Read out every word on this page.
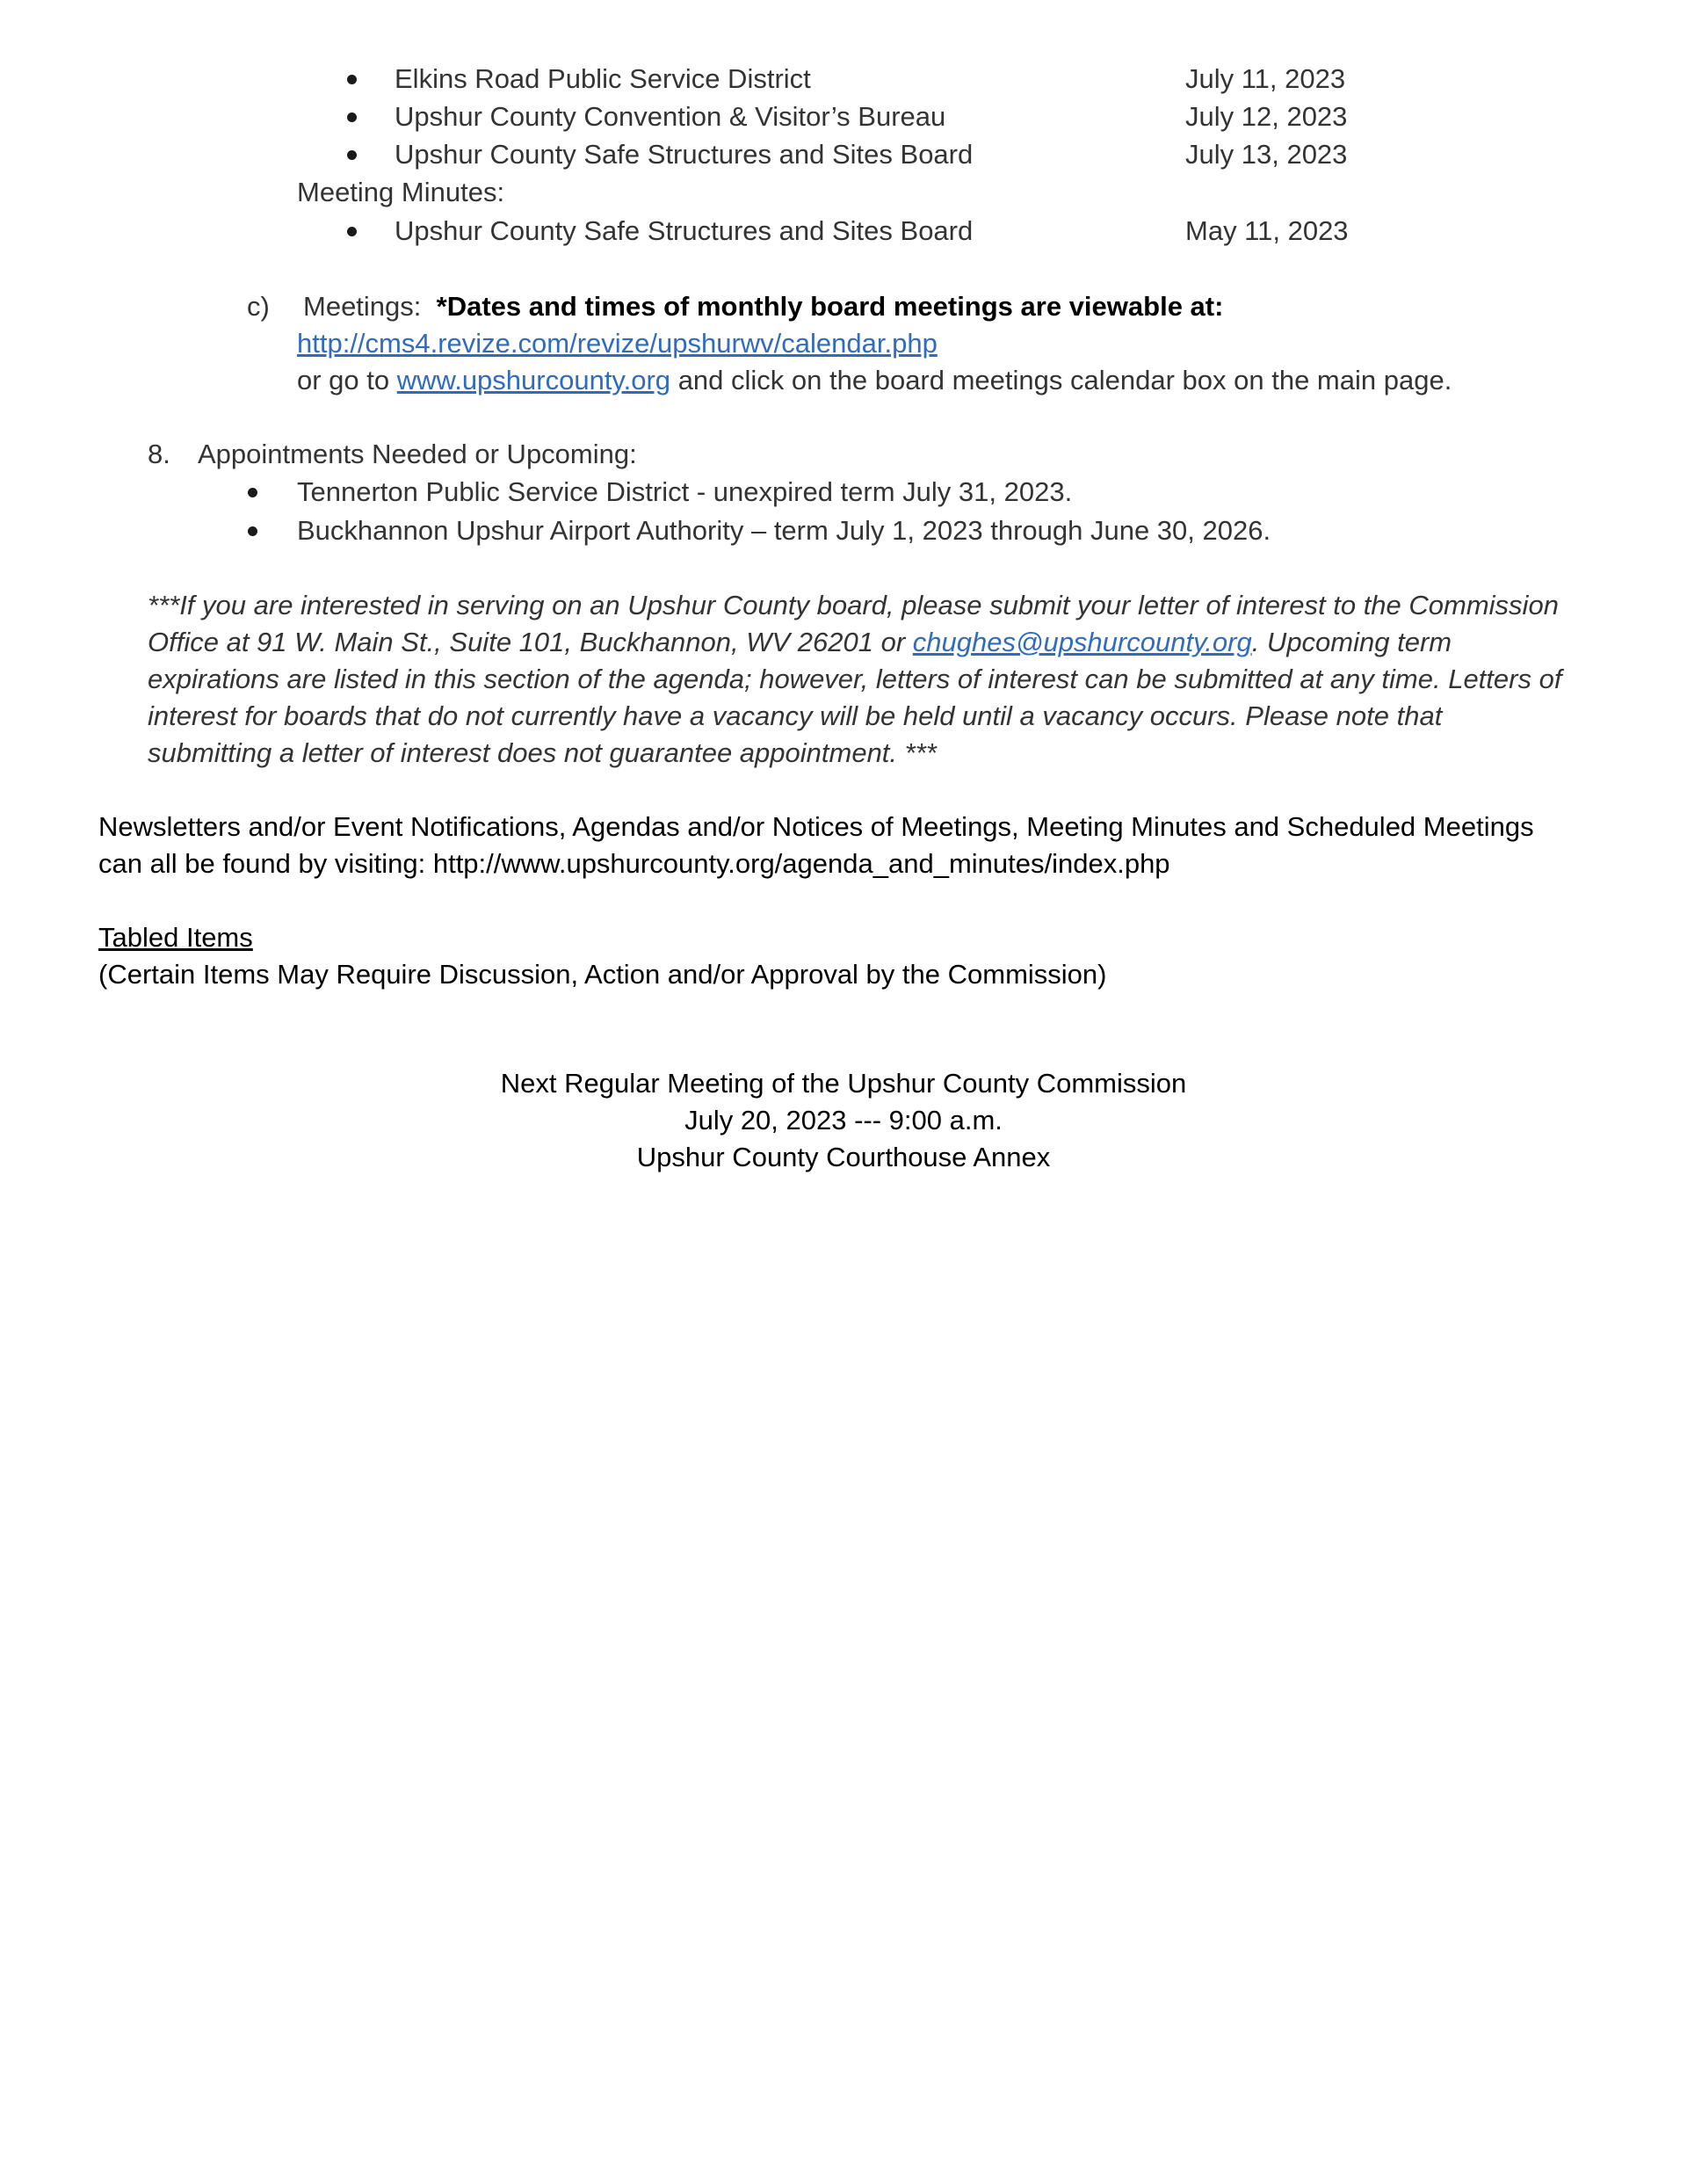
Elkins Road Public Service District	July 11, 2023
Upshur County Convention & Visitor’s Bureau	July 12, 2023
Upshur County Safe Structures and Sites Board	July 13, 2023
Meeting Minutes:
Upshur County Safe Structures and Sites Board	May 11, 2023
c) Meetings: *Dates and times of monthly board meetings are viewable at:
http://cms4.revize.com/revize/upshurwv/calendar.php
or go to www.upshurcounty.org and click on the board meetings calendar box on the main page.
8. Appointments Needed or Upcoming:
Tennerton Public Service District - unexpired term July 31, 2023.
Buckhannon Upshur Airport Authority – term July 1, 2023 through June 30, 2026.
***If you are interested in serving on an Upshur County board, please submit your letter of interest to the Commission
Office at 91 W. Main St., Suite 101, Buckhannon, WV 26201 or chughes@upshurcounty.org. Upcoming term
expirations are listed in this section of the agenda; however, letters of interest can be submitted at any time. Letters of
interest for boards that do not currently have a vacancy will be held until a vacancy occurs. Please note that
submitting a letter of interest does not guarantee appointment. ***
Newsletters and/or Event Notifications, Agendas and/or Notices of Meetings, Meeting Minutes and Scheduled Meetings
can all be found by visiting: http://www.upshurcounty.org/agenda_and_minutes/index.php
Tabled Items
(Certain Items May Require Discussion, Action and/or Approval by the Commission)
Next Regular Meeting of the Upshur County Commission
July 20, 2023 --- 9:00 a.m.
Upshur County Courthouse Annex
